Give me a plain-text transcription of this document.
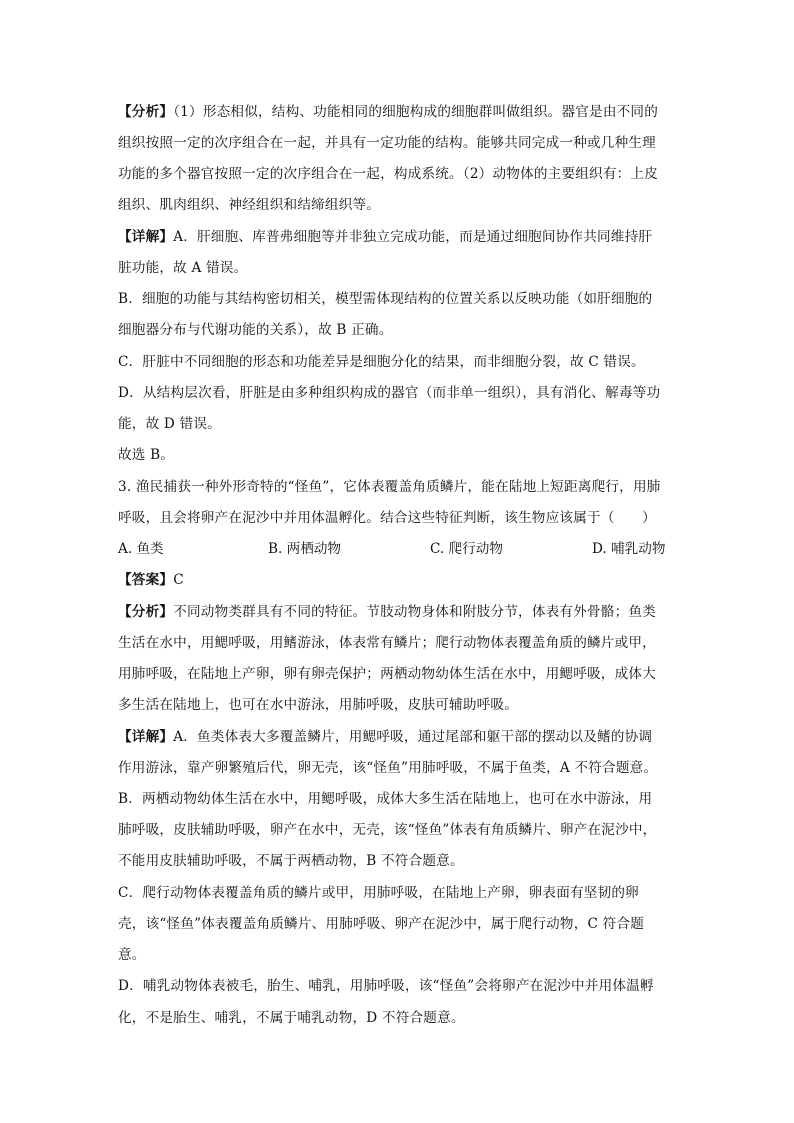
【分析】（1）形态相似，结构、功能相同的细胞构成的细胞群叫做组织。器官是由不同的
组织按照一定的次序组合在一起，并具有一定功能的结构。能够共同完成一种或几种生理
功能的多个器官按照一定的次序组合在一起，构成系统。（2）动物体的主要组织有：上皮
组织、肌肉组织、神经组织和结缔组织等。
【详解】A．肝细胞、库普弗细胞等并非独立完成功能，而是通过细胞间协作共同维持肝
脏功能，故 A 错误。
B．细胞的功能与其结构密切相关，模型需体现结构的位置关系以反映功能（如肝细胞的
细胞器分布与代谢功能的关系），故 B 正确。
C．肝脏中不同细胞的形态和功能差异是细胞分化的结果，而非细胞分裂，故 C 错误。
D．从结构层次看，肝脏是由多种组织构成的器官（而非单一组织），具有消化、解毒等功
能，故 D 错误。
故选 B。
3. 渔民捕获一种外形奇特的“怪鱼”，它体表覆盖角质鳞片，能在陆地上短距离爬行，用肺
呼吸，且会将卵产在泥沙中并用体温孵化。结合这些特征判断，该生物应该属于（　　）
A. 鱼类	B. 两栖动物	C. 爬行动物	D. 哺乳动物
【答案】C
【分析】不同动物类群具有不同的特征。节肢动物身体和附肢分节，体表有外骨骼；鱼类
生活在水中，用鳃呼吸，用鳍游泳，体表常有鳞片；爬行动物体表覆盖角质的鳞片或甲，
用肺呼吸，在陆地上产卵，卵有卵壳保护；两栖动物幼体生活在水中，用鳃呼吸，成体大
多生活在陆地上，也可在水中游泳，用肺呼吸，皮肤可辅助呼吸。
【详解】A．鱼类体表大多覆盖鳞片，用鳃呼吸，通过尾部和躯干部的摆动以及鳍的协调
作用游泳，靠产卵繁殖后代，卵无壳，该“怪鱼”用肺呼吸，不属于鱼类，A 不符合题意。
B．两栖动物幼体生活在水中，用鳃呼吸，成体大多生活在陆地上，也可在水中游泳，用
肺呼吸，皮肤辅助呼吸，卵产在水中，无壳，该“怪鱼”体表有角质鳞片、卵产在泥沙中，
不能用皮肤辅助呼吸，不属于两栖动物，B 不符合题意。
C．爬行动物体表覆盖角质的鳞片或甲，用肺呼吸，在陆地上产卵，卵表面有坚韧的卵
壳，该“怪鱼”体表覆盖角质鳞片、用肺呼吸、卵产在泥沙中，属于爬行动物，C 符合题
意。
D．哺乳动物体表被毛，胎生、哺乳，用肺呼吸，该“怪鱼”会将卵产在泥沙中并用体温孵
化，不是胎生、哺乳，不属于哺乳动物，D 不符合题意。
